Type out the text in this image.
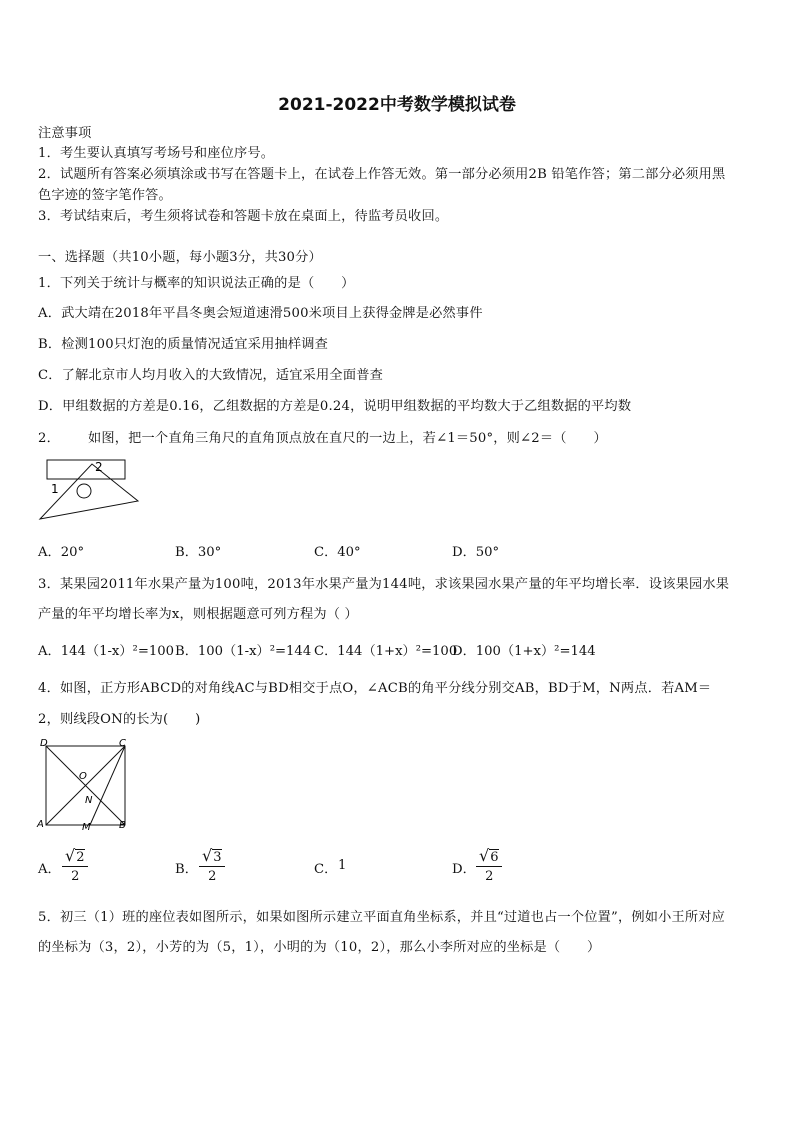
2021-2022中考数学模拟试卷
注意事项
1．考生要认真填写考场号和座位序号。
2．试题所有答案必须填涂或书写在答题卡上，在试卷上作答无效。第一部分必须用2B 铅笔作答；第二部分必须用黑
色字迹的签字笔作答。
3．考试结束后，考生须将试卷和答题卡放在桌面上，待监考员收回。
一、选择题（共10小题，每小题3分，共30分）
1．下列关于统计与概率的知识说法正确的是（　　）
A．武大靖在2018年平昌冬奥会短道速滑500米项目上获得金牌是必然事件
B．检测100只灯泡的质量情况适宜采用抽样调查
C．了解北京市人均月收入的大致情况，适宜采用全面普查
D．甲组数据的方差是0.16，乙组数据的方差是0.24，说明甲组数据的平均数大于乙组数据的平均数
2． 如图，把一个直角三角尺的直角顶点放在直尺的一边上，若∠1＝50°，则∠2＝（　　）
1
2
A．20°	B．30°	C．40°	D．50°
3．某果园2011年水果产量为100吨，2013年水果产量为144吨，求该果园水果产量的年平均增长率．设该果园水果
产量的年平均增长率为x，则根据题意可列方程为（ ）
A．144（1-x）²=100 B．100（1-x）²=144 C．144（1+x）²=100
D．100（1+x）²=144
4．如图，正方形ABCD的对角线AC与BD相交于点O，∠ACB的角平分线分别交AB，BD于M，N两点．若AM＝
2，则线段ON的长为(　　)
D	C
O
N
A	M	B
A． $\frac{√2}{2}$	B． $\frac{√3}{2}$	C． 1	D． $\frac{√6}{2}$
5．初三（1）班的座位表如图所示，如果如图所示建立平面直角坐标系，并且“过道也占一个位置”，例如小王所对应
的坐标为（3，2），小芳的为（5，1），小明的为（10，2），那么小李所对应的坐标是（　　）
